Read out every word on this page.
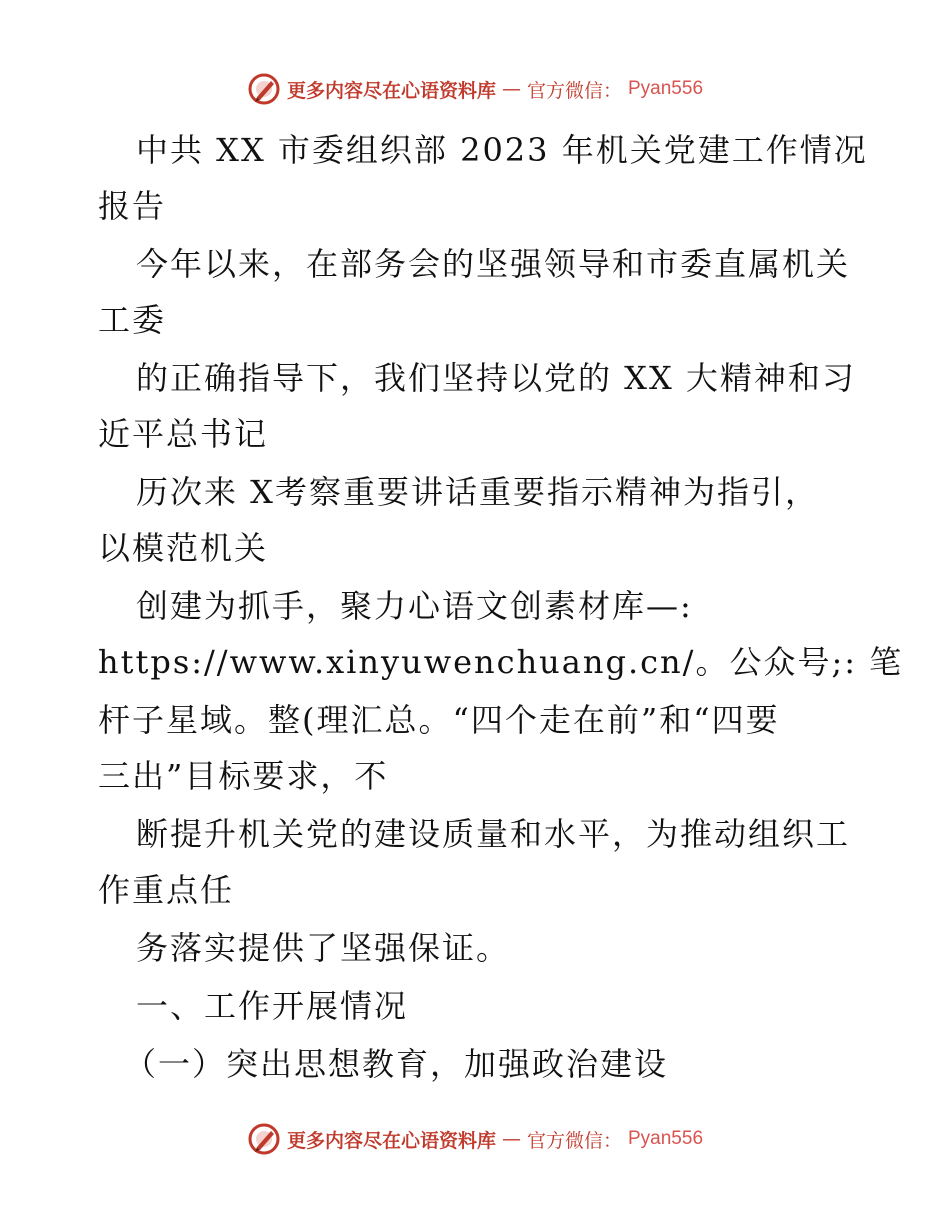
更多内容尽在心语资料库 — 官方微信： Pyan556
中共 XX 市委组织部 2023 年机关党建工作情况
报告
今年以来，在部务会的坚强领导和市委直属机关
工委
的正确指导下，我们坚持以党的 XX 大精神和习
近平总书记
历次来 X考察重要讲话重要指示精神为指引，
以模范机关
创建为抓手，聚力心语文创素材库—:
https://www.xinyuwenchuang.cn/。公众号;: 笔
杆子星域。整(理汇总。“四个走在前”和“四要
三出”目标要求，不
断提升机关党的建设质量和水平，为推动组织工
作重点任
务落实提供了坚强保证。
一、工作开展情况
（一）突出思想教育，加强政治建设
更多内容尽在心语资料库 — 官方微信： Pyan556
